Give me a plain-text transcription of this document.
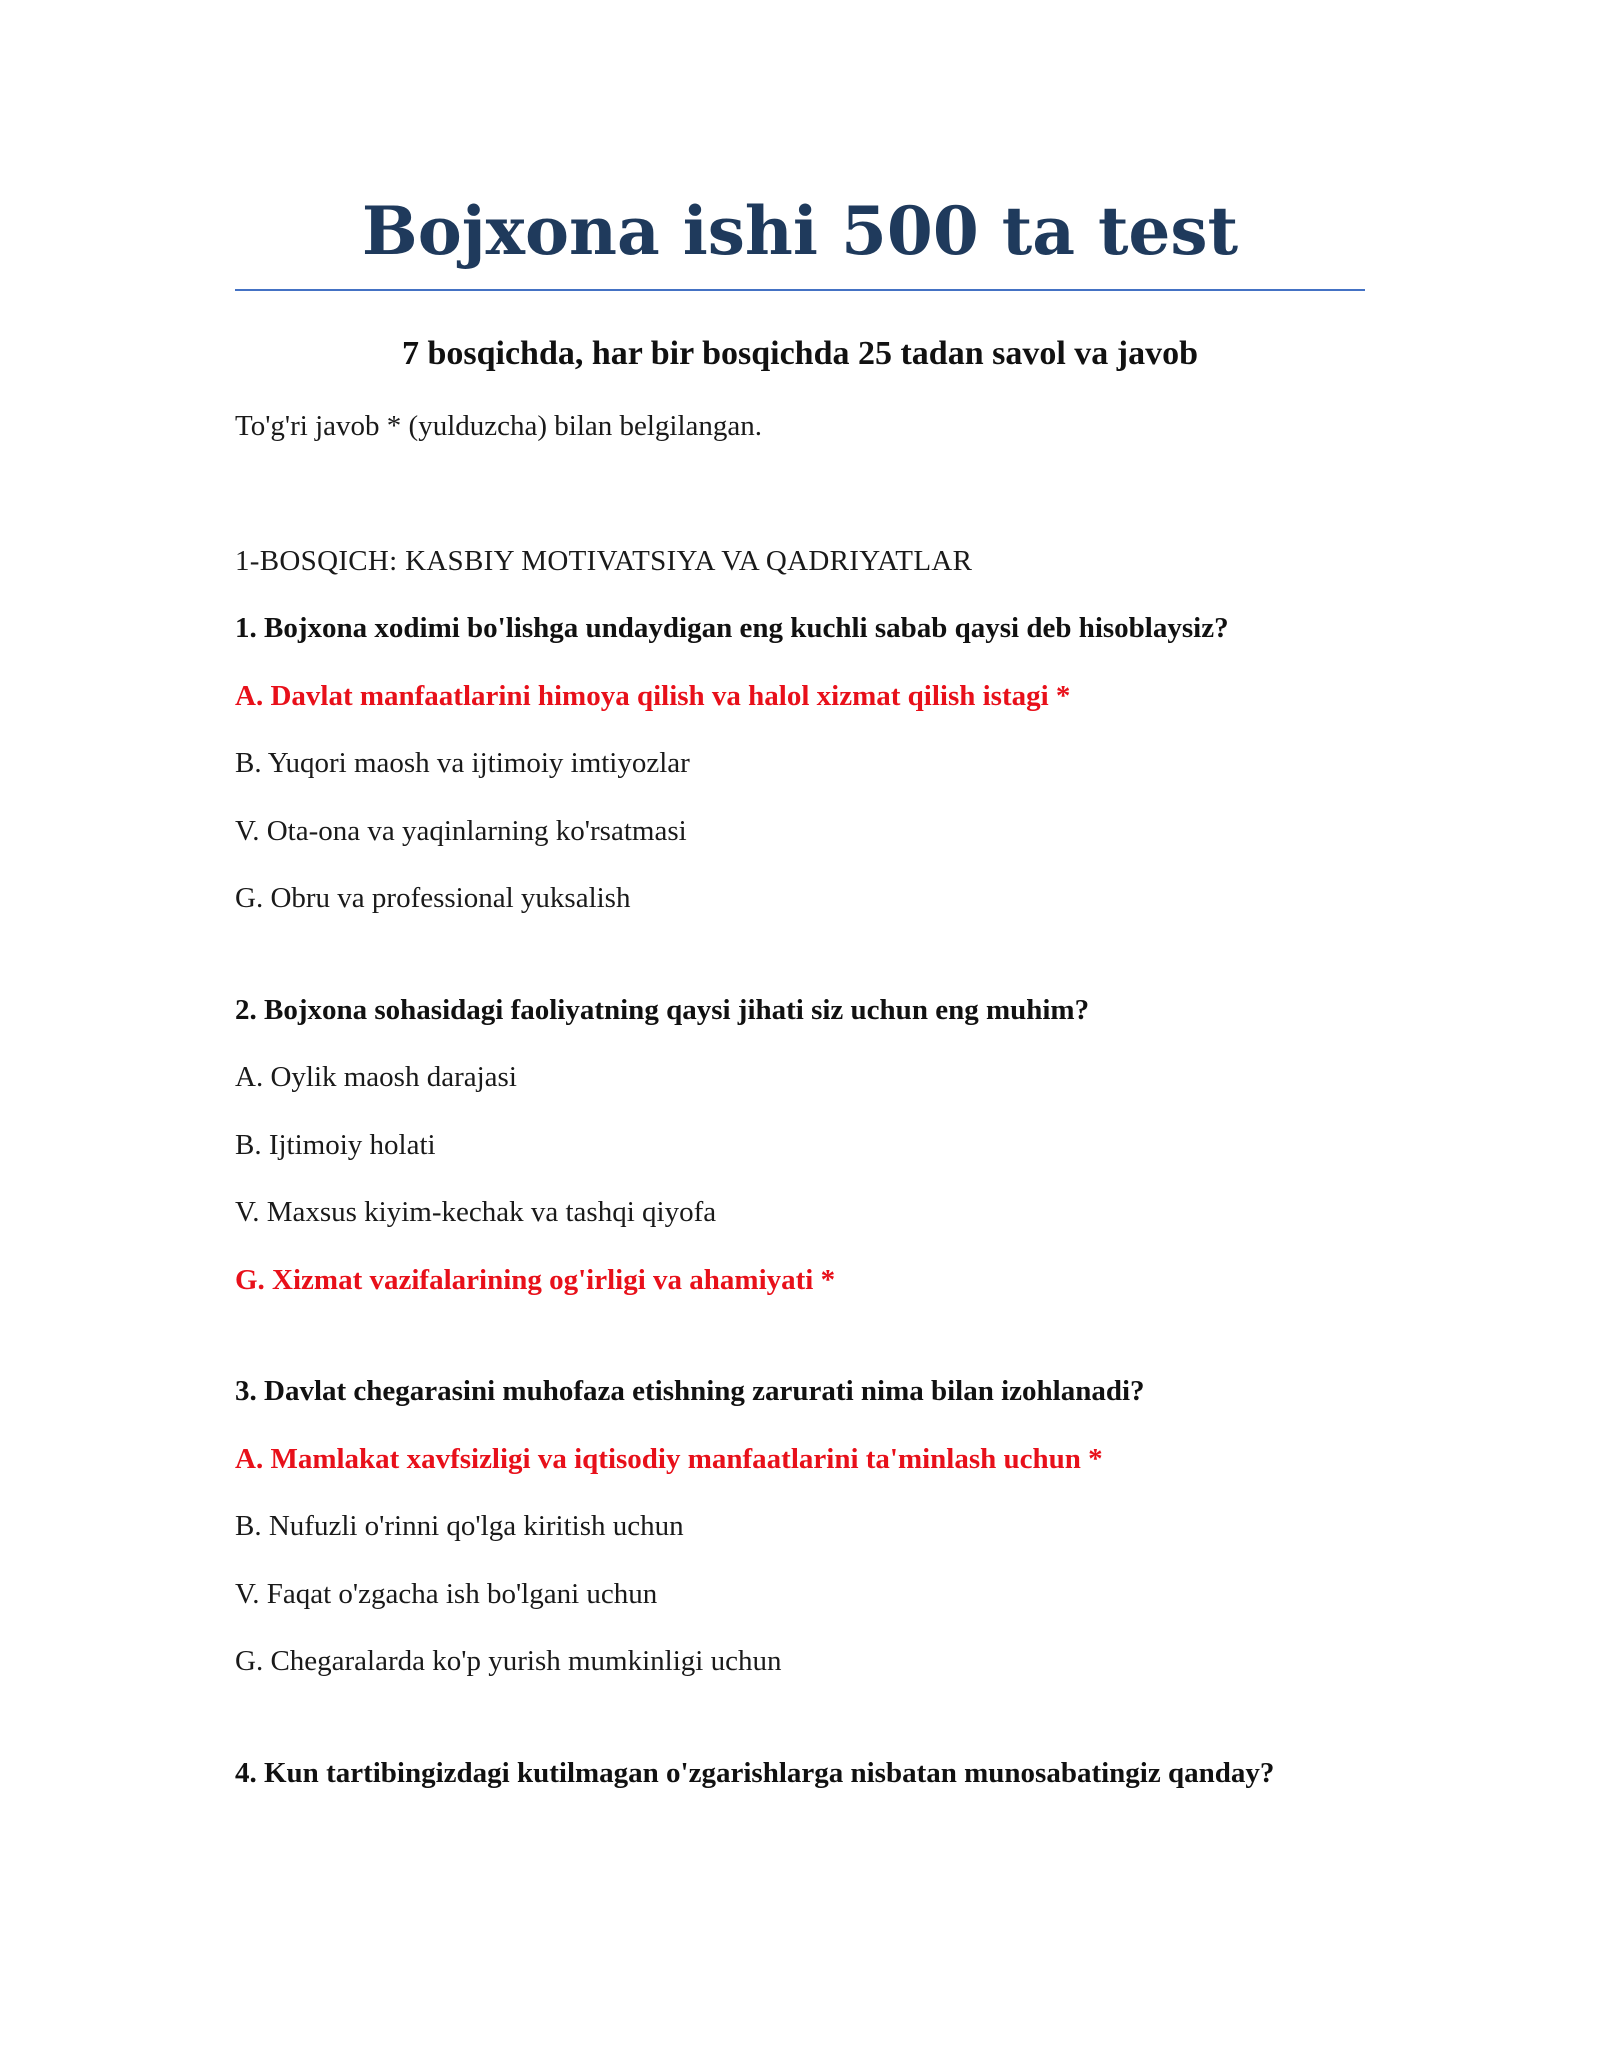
Bojxona ishi 500 ta test
7 bosqichda, har bir bosqichda 25 tadan savol va javob

To'g'ri javob * (yulduzcha) bilan belgilangan.

1-BOSQICH: KASBIY MOTIVATSIYA VA QADRIYATLAR

1. Bojxona xodimi bo'lishga undaydigan eng kuchli sabab qaysi deb hisoblaysiz?

A. Davlat manfaatlarini himoya qilish va halol xizmat qilish istagi *

B. Yuqori maosh va ijtimoiy imtiyozlar

V. Ota-ona va yaqinlarning ko'rsatmasi

G. Obru va professional yuksalish

2. Bojxona sohasidagi faoliyatning qaysi jihati siz uchun eng muhim?

A. Oylik maosh darajasi

B. Ijtimoiy holati

V. Maxsus kiyim-kechak va tashqi qiyofa

G. Xizmat vazifalarining og'irligi va ahamiyati *

3. Davlat chegarasini muhofaza etishning zarurati nima bilan izohlanadi?

A. Mamlakat xavfsizligi va iqtisodiy manfaatlarini ta'minlash uchun *

B. Nufuzli o'rinni qo'lga kiritish uchun

V. Faqat o'zgacha ish bo'lgani uchun

G. Chegaralarda ko'p yurish mumkinligi uchun

4. Kun tartibingizdagi kutilmagan o'zgarishlarga nisbatan munosabatingiz qanday?
